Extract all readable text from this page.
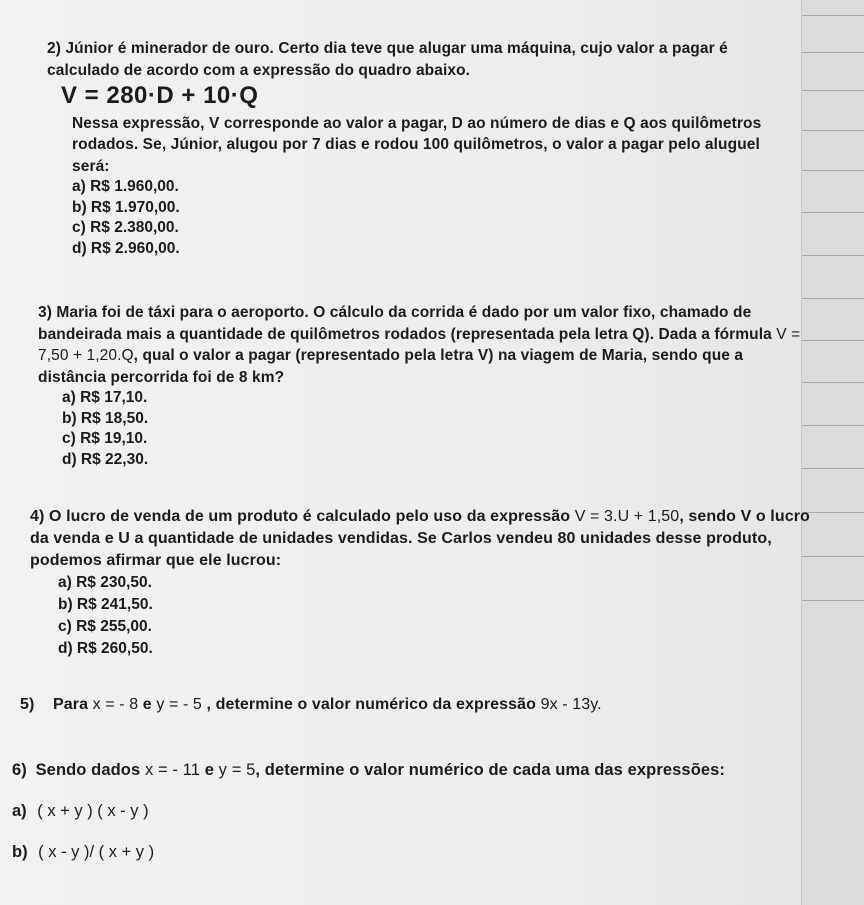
2) Júnior é minerador de ouro. Certo dia teve que alugar uma máquina, cujo valor a pagar é calculado de acordo com a expressão do quadro abaixo.

V = 280·D + 10·Q

Nessa expressão, V corresponde ao valor a pagar, D ao número de dias e Q aos quilômetros rodados. Se, Júnior, alugou por 7 dias e rodou 100 quilômetros, o valor a pagar pelo aluguel será:

a) R$ 1.960,00.
b) R$ 1.970,00.
c) R$ 2.380,00.
d) R$ 2.960,00.

3) Maria foi de táxi para o aeroporto. O cálculo da corrida é dado por um valor fixo, chamado de bandeirada mais a quantidade de quilômetros rodados (representada pela letra Q). Dada a fórmula V = 7,50 + 1,20.Q, qual o valor a pagar (representado pela letra V) na viagem de Maria, sendo que a distância percorrida foi de 8 km?

a) R$ 17,10.
b) R$ 18,50.
c) R$ 19,10.
d) R$ 22,30.

4) O lucro de venda de um produto é calculado pelo uso da expressão V = 3.U + 1,50, sendo V o lucro da venda e U a quantidade de unidades vendidas. Se Carlos vendeu 80 unidades desse produto, podemos afirmar que ele lucrou:

a) R$ 230,50.
b) R$ 241,50.
c) R$ 255,00.
d) R$ 260,50.

5) Para x = - 8 e y = - 5 , determine o valor numérico da expressão 9x - 13y.

6) Sendo dados x = - 11 e y = 5, determine o valor numérico de cada uma das expressões:

a) ( x + y ) ( x - y )
b) ( x - y )/ ( x + y )
